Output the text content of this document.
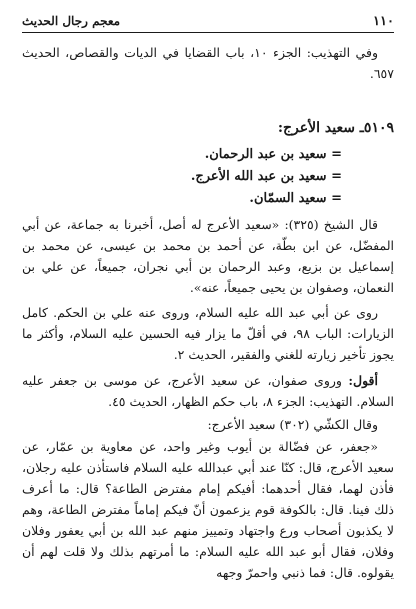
١١٠
معجم رجال الحديث
وفي التهذيب: الجزء ١٠، باب القضايا في الديات والقصاص، الحديث ٦٥٧.
٥١٠٩ـ سعيد الأعرج:
= سعيد بن عبد الرحمان.
= سعيد بن عبد الله الأعرج.
= سعيد السمّان.
قال الشيخ (٣٢٥): «سعيد الأعرج له أصل، أخبرنا به جماعة، عن أبي المفضّل، عن ابن بطّة، عن أحمد بن محمد بن عيسى، عن محمد بن إسماعيل بن بزيع، وعبد الرحمان بن أبي نجران، جميعاً، عن علي بن النعمان، وصفوان بن يحيى جميعاً، عنه».
روى عن أبي عبد الله عليه السلام، وروى عنه علي بن الحكم. كامل الزيارات: الباب ٩٨، في أقلّ ما يزار فيه الحسين عليه السلام، وأكثر ما يجوز تأخير زيارته للغني والفقير، الحديث ٢.
أقول: وروى صفوان، عن سعيد الأعرج، عن موسى بن جعفر عليه السلام. التهذيب: الجزء ٨، باب حكم الظهار، الحديث ٤٥.
وقال الكشّي (٣٠٢) سعيد الأعرج:
«جعفر، عن فضّالة بن أيوب وغير واحد، عن معاوية بن عمّار، عن سعيد الأعرج، قال: كنّا عند أبي عبدالله عليه السلام فاستأذن عليه رجلان، فأذن لهما، فقال أحدهما: أفيكم إمام مفترض الطاعة؟ قال: ما أعرف ذلك فينا. قال: بالكوفة قوم يزعمون أنّ فيكم إماماً مفترض الطاعة، وهم لا يكذبون أصحاب ورع واجتهاد وتمييز منهم عبد الله بن أبي يعفور وفلان وفلان، فقال أبو عبد الله عليه السلام: ما أمرتهم بذلك ولا قلت لهم أن يقولوه. قال: فما ذنبي واحمرّ وجهه
